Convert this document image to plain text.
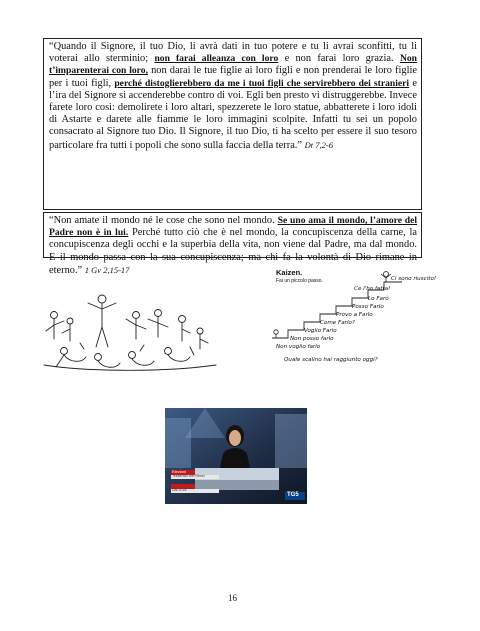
“Quando il Signore, il tuo Dio, li avrà dati in tuo potere e tu li avrai sconfitti, tu li voterai allo sterminio; non farai alleanza con loro e non farai loro grazia. Non t’imparenterai con loro, non darai le tue figlie ai loro figli e non prenderai le loro figlie per i tuoi figli, perché distoglierebbero da me i tuoi figli che servirebbero dei stranieri e l’ira del Signore si accenderebbe contro di voi. Egli ben presto vi distruggerebbe. Invece farete loro così: demolirete i loro altari, spezzerete le loro statue, abbatterete i loro idoli di Astarte e darete alle fiamme le loro immagini scolpite. Infatti tu sei un popolo consacrato al Signore tuo Dio. Il Signore, il tuo Dio, ti ha scelto per essere il suo tesoro particolare fra tutti i popoli che sono sulla faccia della terra.” Dt 7,2-6

“Non amate il mondo né le cose che sono nel mondo. Se uno ama il mondo, l’amore del Padre non è in lui. Perché tutto ciò che è nel mondo, la concupiscenza della carne, la concupiscenza degli occhi e la superbia della vita, non viene dal Padre, ma dal mondo. E il mondo passa con la sua concupiscenza; ma chi fa la volontà di Dio rimane in eterno.” 1 Gv 2,15-17	Kaizen.
Fai un piccolo passo.	Ci sono riuscito!
Ce l'ho fatta!
Lo Farò
Posso Farlo
Provo a Farlo
Come Farlo?
Voglio Farlo
Non posso farlo
Non voglio farlo
Quale scalino hai raggiunto oggi?
Elezioni
Tesserato con Renzi
Dal 2018
TG5
16
